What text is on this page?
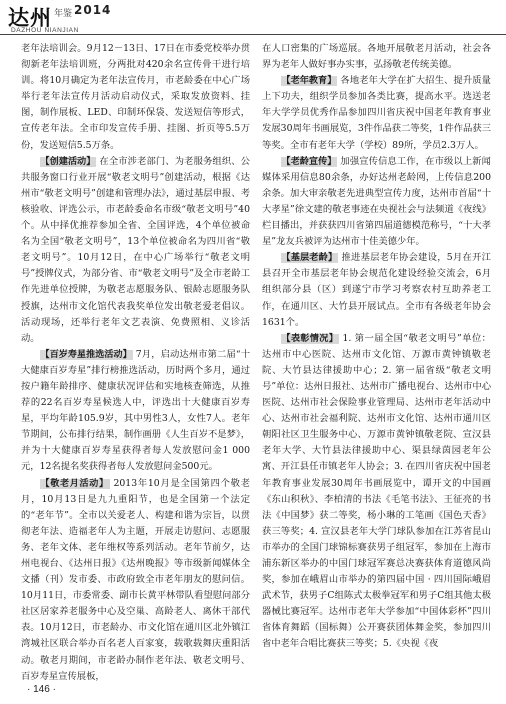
达州 年鉴 2014
DAZHOU NIANJIAN

老年法培训会。9月12－13日、17日在市委党校举办贯彻新老年法培训班，分两批对420余名宣传骨干进行培训。将10月确定为老年法宣传月，市老龄委在中心广场举行老年法宣传月活动启动仪式，采取发放资料、挂图，制作展板、LED、印制环保袋、发送短信等形式，宣传老年法。全市印发宣传手册、挂图、折页等5.5万份，发送短信5.5万条。

【创建活动】 在全市涉老部门、为老服务组织、公共服务窗口行业开展“敬老文明号”创建活动，根据《达州市“敬老文明号”创建和管理办法》，通过基层申报、考核验收、评选公示，市老龄委命名市级“敬老文明号”40个。从中择优推荐参加全省、全国评选，4个单位被命名为全国“敬老文明号”，13个单位被命名为四川省“敬老文明号”。10月12日，在中心广场举行“敬老文明号”授牌仪式，为部分省、市“敬老文明号”及全市老龄工作先进单位授牌，为敬老志愿服务队、银龄志愿服务队授旗，达州市文化馆代表我奖单位发出敬老爱老倡议。活动现场，还举行老年文艺表演、免费照相、义诊活动。

【百岁寿星推选活动】 7月，启动达州市第二届“十大健康百岁寿星”排行榜推选活动，历时两个多月，通过按户籍年龄排序、健康状况评估和实地核查筛选，从推荐的22名百岁寿星候选人中，评选出十大健康百岁寿星，平均年龄105.9岁，其中男性3人，女性7人。老年节期间，公布排行结果，制作画册《人生百岁不是梦》，并为十大健康百岁寿星获得者每人发放慰问金1 000元，12名提名奖获得者每人发放慰问金500元。

【敬老月活动】 2013年10月是全国第四个敬老月，10月13日是九九重阳节，也是全国第一个法定的“老年节”。全市以关爱老人、构建和谐为宗旨，以贯彻老年法、造福老年人为主题，开展走访慰问、志愿服务、老年文体、老年维权等系列活动。老年节前夕，达州电视台、《达州日报》《达州晚报》等市级新闻媒体全文播（刊）发市委、市政府致全市老年朋友的慰问信。10月11日，市委常委、副市长黄平林带队看望慰问部分社区居家养老服务中心及空巢、高龄老人、离休干部代表。10月12日，市老龄办、市文化馆在通川区北外镇江湾城社区联合举办百名老人百家宴，载歌载舞庆重阳活动。敬老月期间，市老龄办制作老年法、敬老文明号、百岁寿星宣传展板，

在人口密集的广场巡展。各地开展敬老月活动，社会各界为老年人做好事办实事，弘扬敬老传统美德。

【老年教育】 各地老年大学在扩大招生、提升质量上下功夫，组织学员参加各类比赛，提高水平。选送老年大学学员优秀作品参加四川省庆祝中国老年教育事业发展30周年书画展览，3件作品获二等奖，1件作品获三等奖。全市有老年大学（学校）89所，学员2.3万人。

【老龄宣传】 加强宣传信息工作，在市级以上新闻媒体采用信息80余条，办好达州老龄网，上传信息200余条。加大审亲敬老先进典型宣传力度，达州市首届“十大孝星”徐文建的敬老事迹在央视社会与法频道《夜线》栏目播出，并获获四川省第四届道德模范称号，“十大孝星”龙友兵被评为达州市十佳美德少年。

【基层老龄】 推进基层老年协会建设，5月在开江县召开全市基层老年协会规范化建设经验交流会，6月组织部分县（区）到遂宁市学习考察农村互助养老工作，在通川区、大竹县开展试点。全市有各级老年协会1631个。

【表彰情况】 1. 第一届全国“敬老文明号”单位：达州市中心医院、达州市文化馆、万源市黄钟镇敬老院、大竹县达律援助中心；2. 第一届省级“敬老文明号”单位：达州日报社、达州市广播电视台、达州市中心医院、达州市社会保险事业管理局、达州市老年活动中心、达州市社会福利院、达州市文化馆、达州市通川区朝阳社区卫生服务中心、万源市黄钟镇敬老院、宣汉县老年大学、大竹县法律援助中心、渠县绿茵园老年公寓、开江县任市镇老年人协会；3. 在四川省庆祝中国老年教育事业发展30周年书画展览中，谭开文的中国画《东山积秋》、李柏清的书法《毛笔书法》、王征亮的书法《中国梦》获二等奖，杨小琳的工笔画《国色天香》获三等奖；4. 宣汉县老年大学门球队参加在江苏省昆山市举办的全国门球锦标赛获男子组冠军，参加在上海市浦东新区举办的中国门球冠军赛总决赛获体育道德风尚奖，参加在峨眉山市举办的第四届中国 · 四川国际峨眉武术节，获男子C组陈式太极拳冠军和男子C组其他太极器械比赛冠军。达州市老年大学参加“中国体彩杯”四川省体育舞蹈（国标舞）公开赛获团体舞金奖，参加四川省中老年合唱比赛获三等奖；5.《央视《夜

· 146 ·
